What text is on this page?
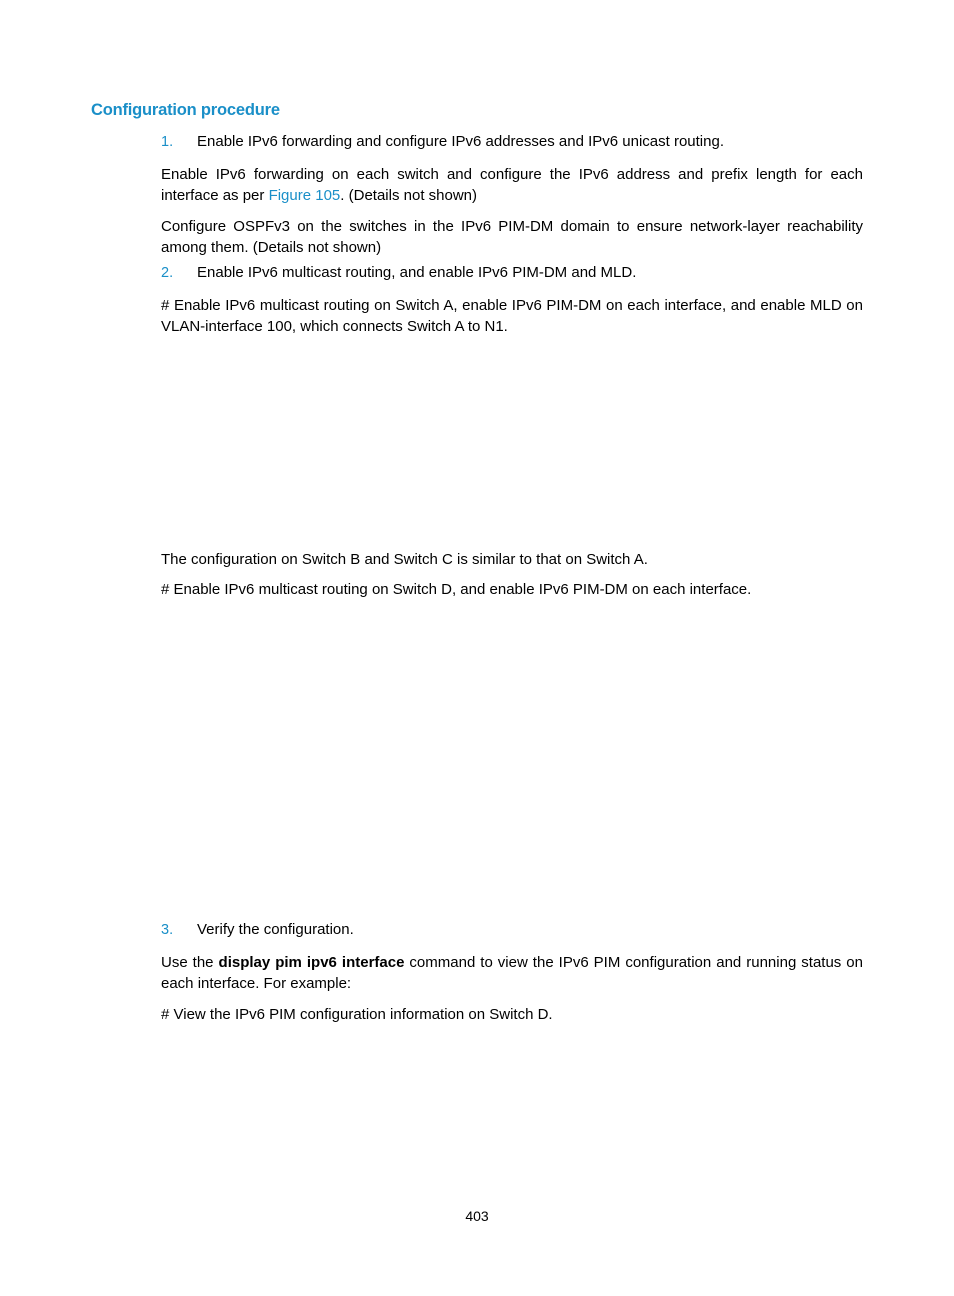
Configuration procedure
1. Enable IPv6 forwarding and configure IPv6 addresses and IPv6 unicast routing.
Enable IPv6 forwarding on each switch and configure the IPv6 address and prefix length for each interface as per Figure 105. (Details not shown)
Configure OSPFv3 on the switches in the IPv6 PIM-DM domain to ensure network-layer reachability among them. (Details not shown)
2. Enable IPv6 multicast routing, and enable IPv6 PIM-DM and MLD.
# Enable IPv6 multicast routing on Switch A, enable IPv6 PIM-DM on each interface, and enable MLD on VLAN-interface 100, which connects Switch A to N1.
The configuration on Switch B and Switch C is similar to that on Switch A.
# Enable IPv6 multicast routing on Switch D, and enable IPv6 PIM-DM on each interface.
3. Verify the configuration.
Use the display pim ipv6 interface command to view the IPv6 PIM configuration and running status on each interface. For example:
# View the IPv6 PIM configuration information on Switch D.
403
